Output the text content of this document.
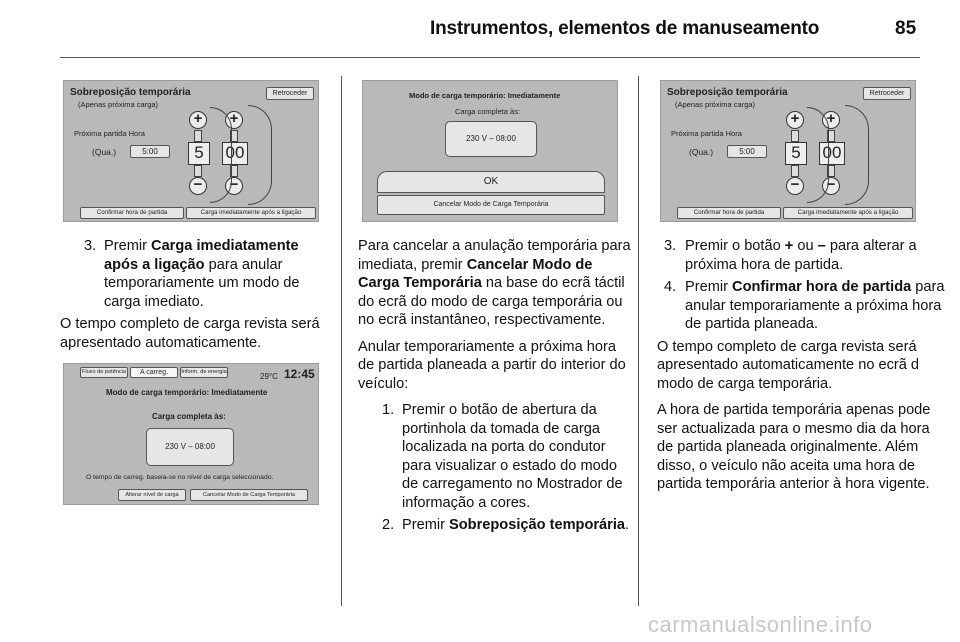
Instrumentos, elementos de manuseamento	85
Sobreposição temporária
(Apenas próxima carga)
Retroceder
Próxima partida Hora
(Qua.)	5:00
+
5
−
+
00
−
Confirmar hora de partida	Carga imediatamente após a ligação
3. Premir Carga imediatamente após a ligação para anular temporariamente um modo de carga imediato.

O tempo completo de carga revista será apresentado automaticamente.

Fluxo de potência	A carreg.	Inform. de energia	29°C 12:45
Modo de carga temporário: Imediatamente
Carga completa às:
230 V – 08:00
O tempo de carreg. baseia-se no nível de carga seleccionado.
Alterar nível de carga	Cancelar Modo de Carga Temporária
Modo de carga temporário: Imediatamente
Carga completa às:
230 V – 08:00
OK
Cancelar Modo de Carga Temporária

Para cancelar a anulação temporária para imediata, premir Cancelar Modo de Carga Temporária na base do ecrã táctil do ecrã do modo de carga temporária ou no ecrã instantâneo, respectivamente.

Anular temporariamente a próxima hora de partida planeada a partir do interior do veículo:

1. Premir o botão de abertura da portinhola da tomada de carga localizada na porta do condutor para visualizar o estado do modo de carregamento no Mostrador de informação a cores.
2. Premir Sobreposição temporária.
Sobreposição temporária
(Apenas próxima carga)
Retroceder
Próxima partida Hora
(Qua.)	5:00
+
5
−
+
00
−
Confirmar hora de partida	Carga imediatamente após a ligação
3. Premir o botão + ou – para alterar a próxima hora de partida.
4. Premir Confirmar hora de partida para anular temporariamente a próxima hora de partida planeada.

O tempo completo de carga revista será apresentado automaticamente no ecrã d modo de carga temporária.

A hora de partida temporária apenas pode ser actualizada para o mesmo dia da hora de partida planeada originalmente. Além disso, o veículo não aceita uma hora de partida temporária anterior à hora vigente.

carmanualsonline.info
